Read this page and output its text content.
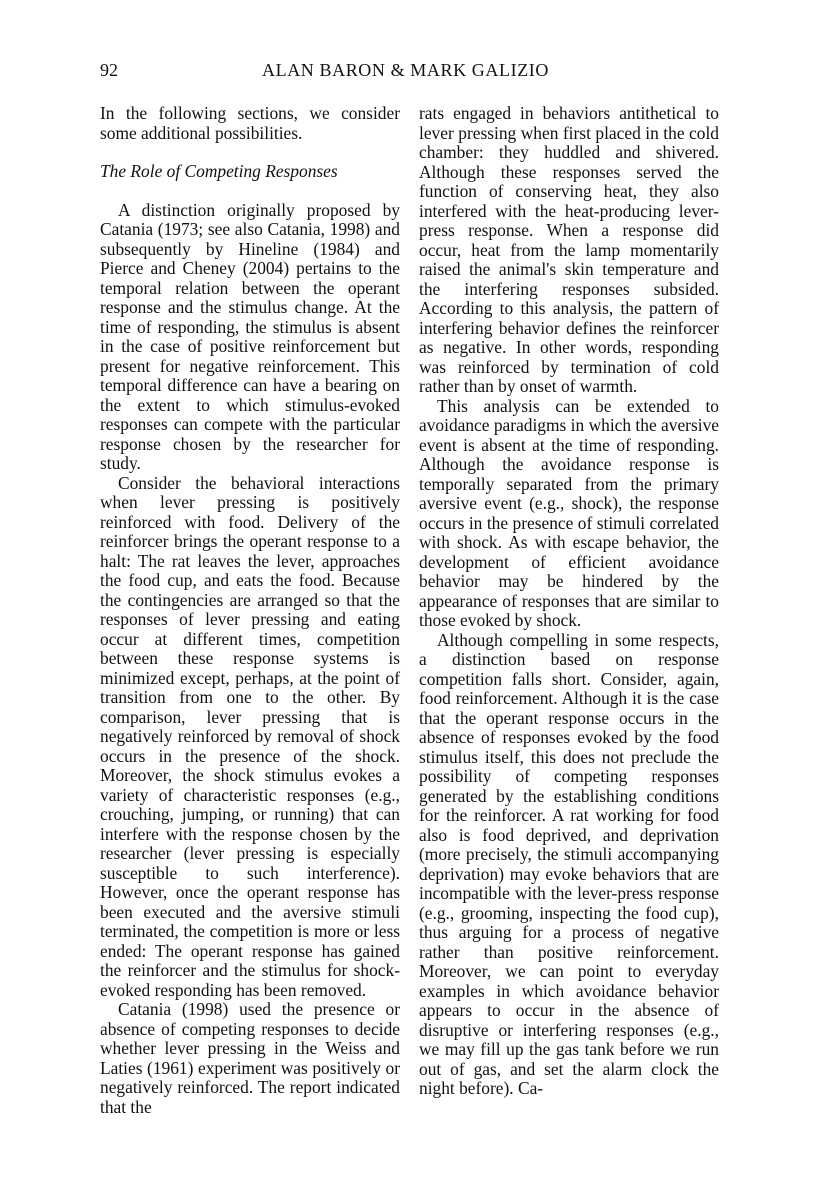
92	ALAN BARON & MARK GALIZIO

In the following sections, we consider some additional possibilities.

The Role of Competing Responses

A distinction originally proposed by Catania (1973; see also Catania, 1998) and subsequently by Hineline (1984) and Pierce and Cheney (2004) pertains to the temporal relation between the operant response and the stimulus change. At the time of responding, the stimulus is absent in the case of positive reinforcement but present for negative reinforcement. This temporal difference can have a bearing on the extent to which stimulus-evoked responses can compete with the particular response chosen by the researcher for study.

Consider the behavioral interactions when lever pressing is positively reinforced with food. Delivery of the reinforcer brings the operant response to a halt: The rat leaves the lever, approaches the food cup, and eats the food. Because the contingencies are arranged so that the responses of lever pressing and eating occur at different times, competition between these response systems is minimized except, perhaps, at the point of transition from one to the other. By comparison, lever pressing that is negatively reinforced by removal of shock occurs in the presence of the shock. Moreover, the shock stimulus evokes a variety of characteristic responses (e.g., crouching, jumping, or running) that can interfere with the response chosen by the researcher (lever pressing is especially susceptible to such interference). However, once the operant response has been executed and the aversive stimuli terminated, the competition is more or less ended: The operant response has gained the reinforcer and the stimulus for shock-evoked responding has been removed.

Catania (1998) used the presence or absence of competing responses to decide whether lever pressing in the Weiss and Laties (1961) experiment was positively or negatively reinforced. The report indicated that the

rats engaged in behaviors antithetical to lever pressing when first placed in the cold chamber: they huddled and shivered. Although these responses served the function of conserving heat, they also interfered with the heat-producing lever-press response. When a response did occur, heat from the lamp momentarily raised the animal's skin temperature and the interfering responses subsided. According to this analysis, the pattern of interfering behavior defines the reinforcer as negative. In other words, responding was reinforced by termination of cold rather than by onset of warmth.

This analysis can be extended to avoidance paradigms in which the aversive event is absent at the time of responding. Although the avoidance response is temporally separated from the primary aversive event (e.g., shock), the response occurs in the presence of stimuli correlated with shock. As with escape behavior, the development of efficient avoidance behavior may be hindered by the appearance of responses that are similar to those evoked by shock.

Although compelling in some respects, a distinction based on response competition falls short. Consider, again, food reinforcement. Although it is the case that the operant response occurs in the absence of responses evoked by the food stimulus itself, this does not preclude the possibility of competing responses generated by the establishing conditions for the reinforcer. A rat working for food also is food deprived, and deprivation (more precisely, the stimuli accompanying deprivation) may evoke behaviors that are incompatible with the lever-press response (e.g., grooming, inspecting the food cup), thus arguing for a process of negative rather than positive reinforcement. Moreover, we can point to everyday examples in which avoidance behavior appears to occur in the absence of disruptive or interfering responses (e.g., we may fill up the gas tank before we run out of gas, and set the alarm clock the night before). Ca-
